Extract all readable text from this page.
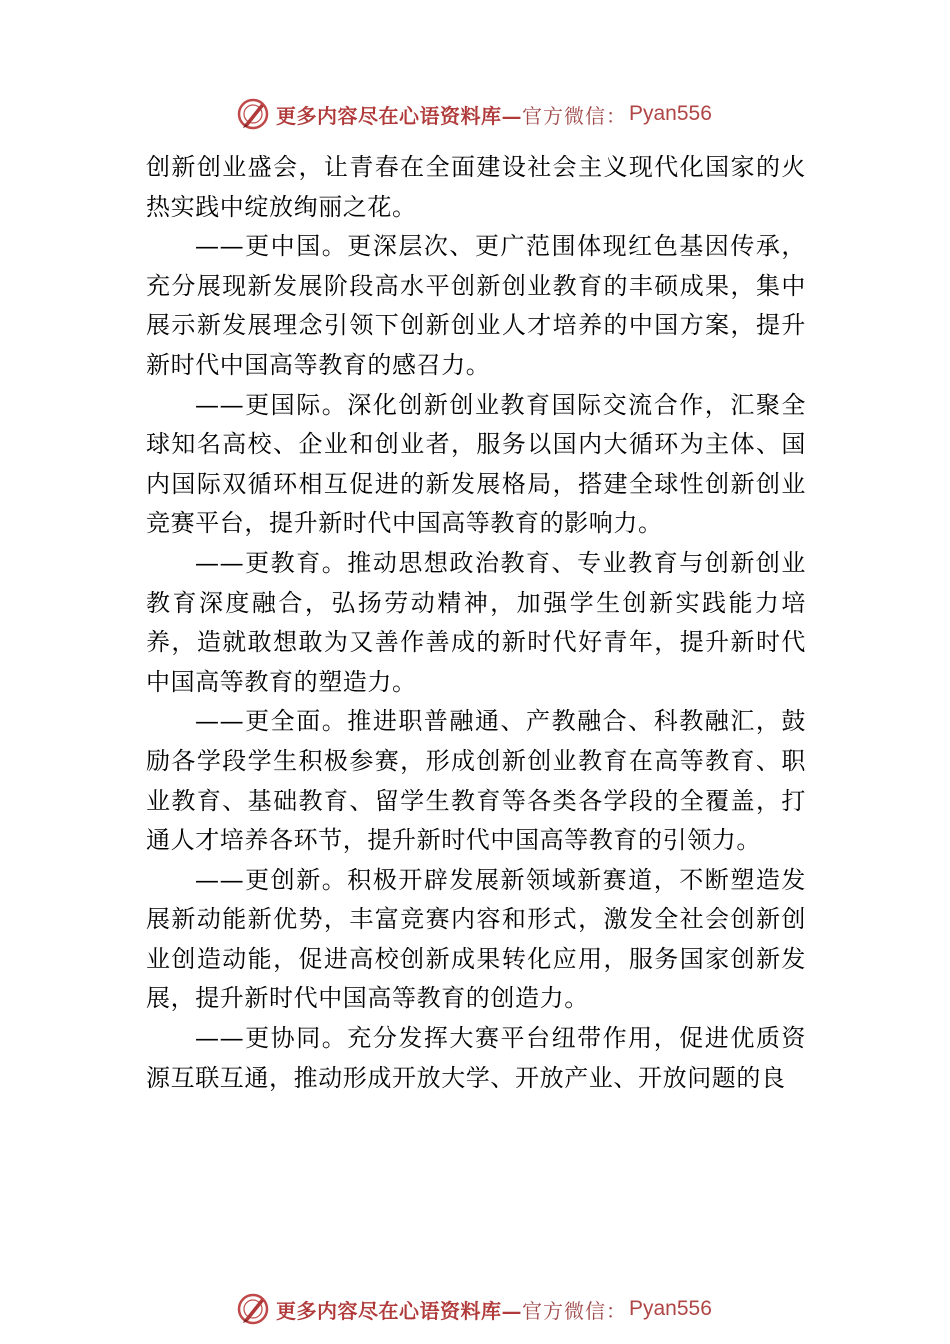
更多内容尽在心语资料库— 官方微信： Pyan556

创新创业盛会，让青春在全面建设社会主义现代化国家的火热实践中绽放绚丽之花。

——更中国。更深层次、更广范围体现红色基因传承，充分展现新发展阶段高水平创新创业教育的丰硕成果，集中展示新发展理念引领下创新创业人才培养的中国方案，提升新时代中国高等教育的感召力。

——更国际。深化创新创业教育国际交流合作，汇聚全球知名高校、企业和创业者，服务以国内大循环为主体、国内国际双循环相互促进的新发展格局，搭建全球性创新创业竞赛平台，提升新时代中国高等教育的影响力。

——更教育。推动思想政治教育、专业教育与创新创业教育深度融合，弘扬劳动精神，加强学生创新实践能力培养，造就敢想敢为又善作善成的新时代好青年，提升新时代中国高等教育的塑造力。

——更全面。推进职普融通、产教融合、科教融汇，鼓励各学段学生积极参赛，形成创新创业教育在高等教育、职业教育、基础教育、留学生教育等各类各学段的全覆盖，打通人才培养各环节，提升新时代中国高等教育的引领力。

——更创新。积极开辟发展新领域新赛道，不断塑造发展新动能新优势，丰富竞赛内容和形式，激发全社会创新创业创造动能，促进高校创新成果转化应用，服务国家创新发展，提升新时代中国高等教育的创造力。

——更协同。充分发挥大赛平台纽带作用，促进优质资源互联互通，推动形成开放大学、开放产业、开放问题的良

更多内容尽在心语资料库— 官方微信： Pyan556
